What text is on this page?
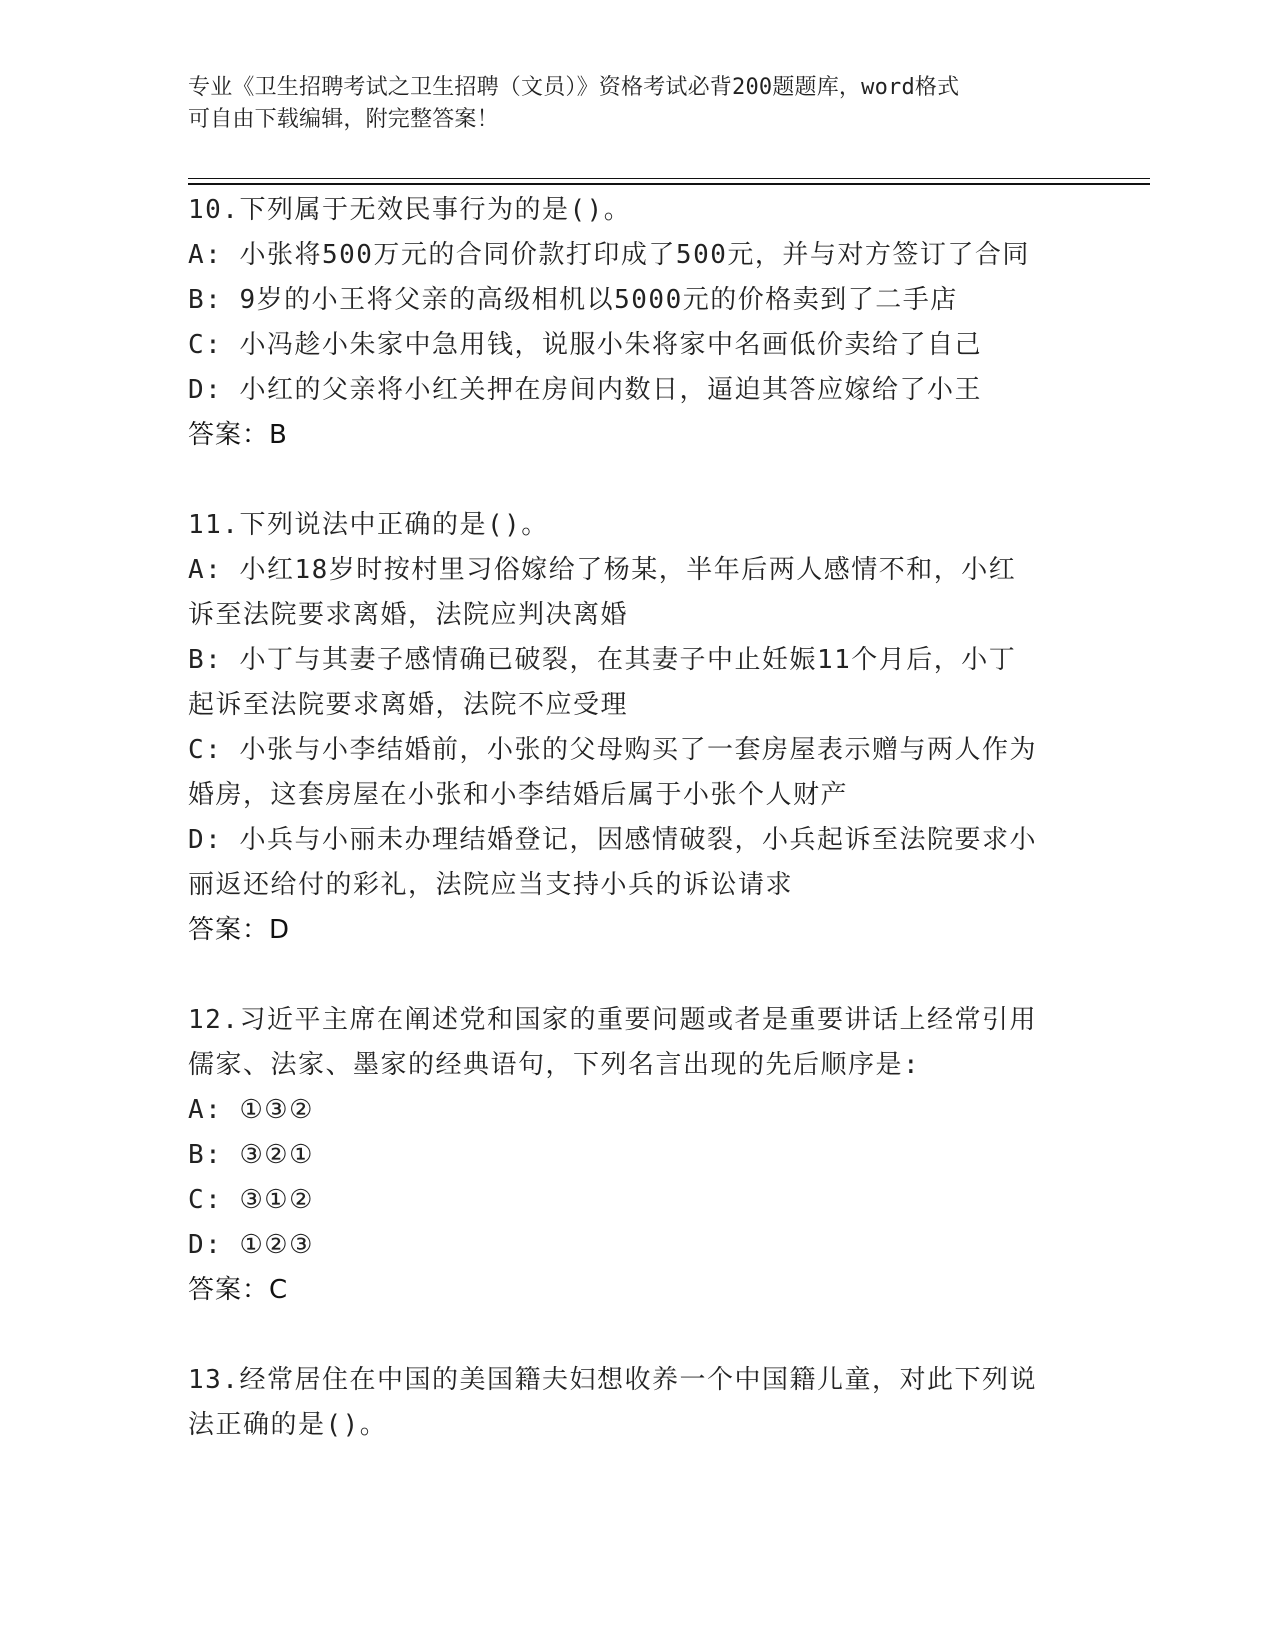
专业《卫生招聘考试之卫生招聘（文员）》资格考试必背200题题库，word格式
可自由下载编辑，附完整答案！
10.下列属于无效民事行为的是()。
A: 小张将500万元的合同价款打印成了500元，并与对方签订了合同
B: 9岁的小王将父亲的高级相机以5000元的价格卖到了二手店
C: 小冯趁小朱家中急用钱，说服小朱将家中名画低价卖给了自己
D: 小红的父亲将小红关押在房间内数日，逼迫其答应嫁给了小王
答案：B
11.下列说法中正确的是()。
A: 小红18岁时按村里习俗嫁给了杨某，半年后两人感情不和，小红
诉至法院要求离婚，法院应判决离婚
B: 小丁与其妻子感情确已破裂，在其妻子中止妊娠11个月后，小丁
起诉至法院要求离婚，法院不应受理
C: 小张与小李结婚前，小张的父母购买了一套房屋表示赠与两人作为
婚房，这套房屋在小张和小李结婚后属于小张个人财产
D: 小兵与小丽未办理结婚登记，因感情破裂，小兵起诉至法院要求小
丽返还给付的彩礼，法院应当支持小兵的诉讼请求
答案：D
12.习近平主席在阐述党和国家的重要问题或者是重要讲话上经常引用
儒家、法家、墨家的经典语句，下列名言出现的先后顺序是:
A: ①③②
B: ③②①
C: ③①②
D: ①②③
答案：C
13.经常居住在中国的美国籍夫妇想收养一个中国籍儿童，对此下列说
法正确的是()。
